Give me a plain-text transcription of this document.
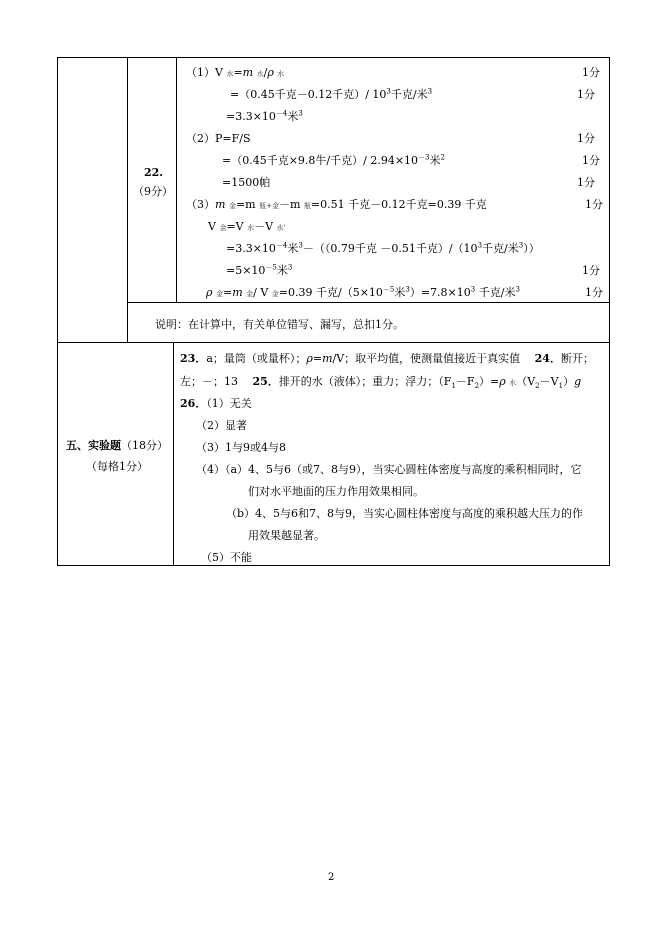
22.
（9分）
（1）V 水=m 水/ρ 水	1分
=（0.45千克－0.12千克）/ $10^3$千克/米$^3$	1分
$=3.3\times 10^{-4}$米$^3$
（2）P=F/S	1分
=（0.45千克×9.8牛/千克）/ $2.94\times 10^{-3}$米$^2$	1分
=1500帕	1分
（3）m 金=m 瓶+金－m 瓶=0.51 千克－0.12千克=0.39 千克	1分
V 金=V 水－V 水'
$=3.3\times 10^{-4}$米$^3$－（（0.79千克 －0.51千克）$/(10^3$千克/米$^3$））
$=5\times 10^{-5}$米$^3$	1分
ρ 金=m 金/ V 金=0.39 千克$/(5\times 10^{-5}$米$^3)=7.8\times 10^3$ 千克/米$^3$	1分
说明：在计算中，有关单位错写、漏写，总扣1分。
五、实验题（18分）
（每格1分）
23．a；量筒（或量杯）；ρ=m/V；取平均值，使测量值接近于真实值　 24．断开；
左；－；13　 25．排开的水（液体）；重力；浮力；$(F_1-F_2)=\rho$ 水$(V_2-V_1)g$
26．（1）无关
（2）显著
（3）1与9或4与8
（4）（a）4、5与6（或7、8与9），当实心圆柱体密度与高度的乘积相同时，它
们对水平地面的压力作用效果相同。
（b）4、5与6和7、8与9，当实心圆柱体密度与高度的乘积越大压力的作
用效果越显著。
（5）不能
2
